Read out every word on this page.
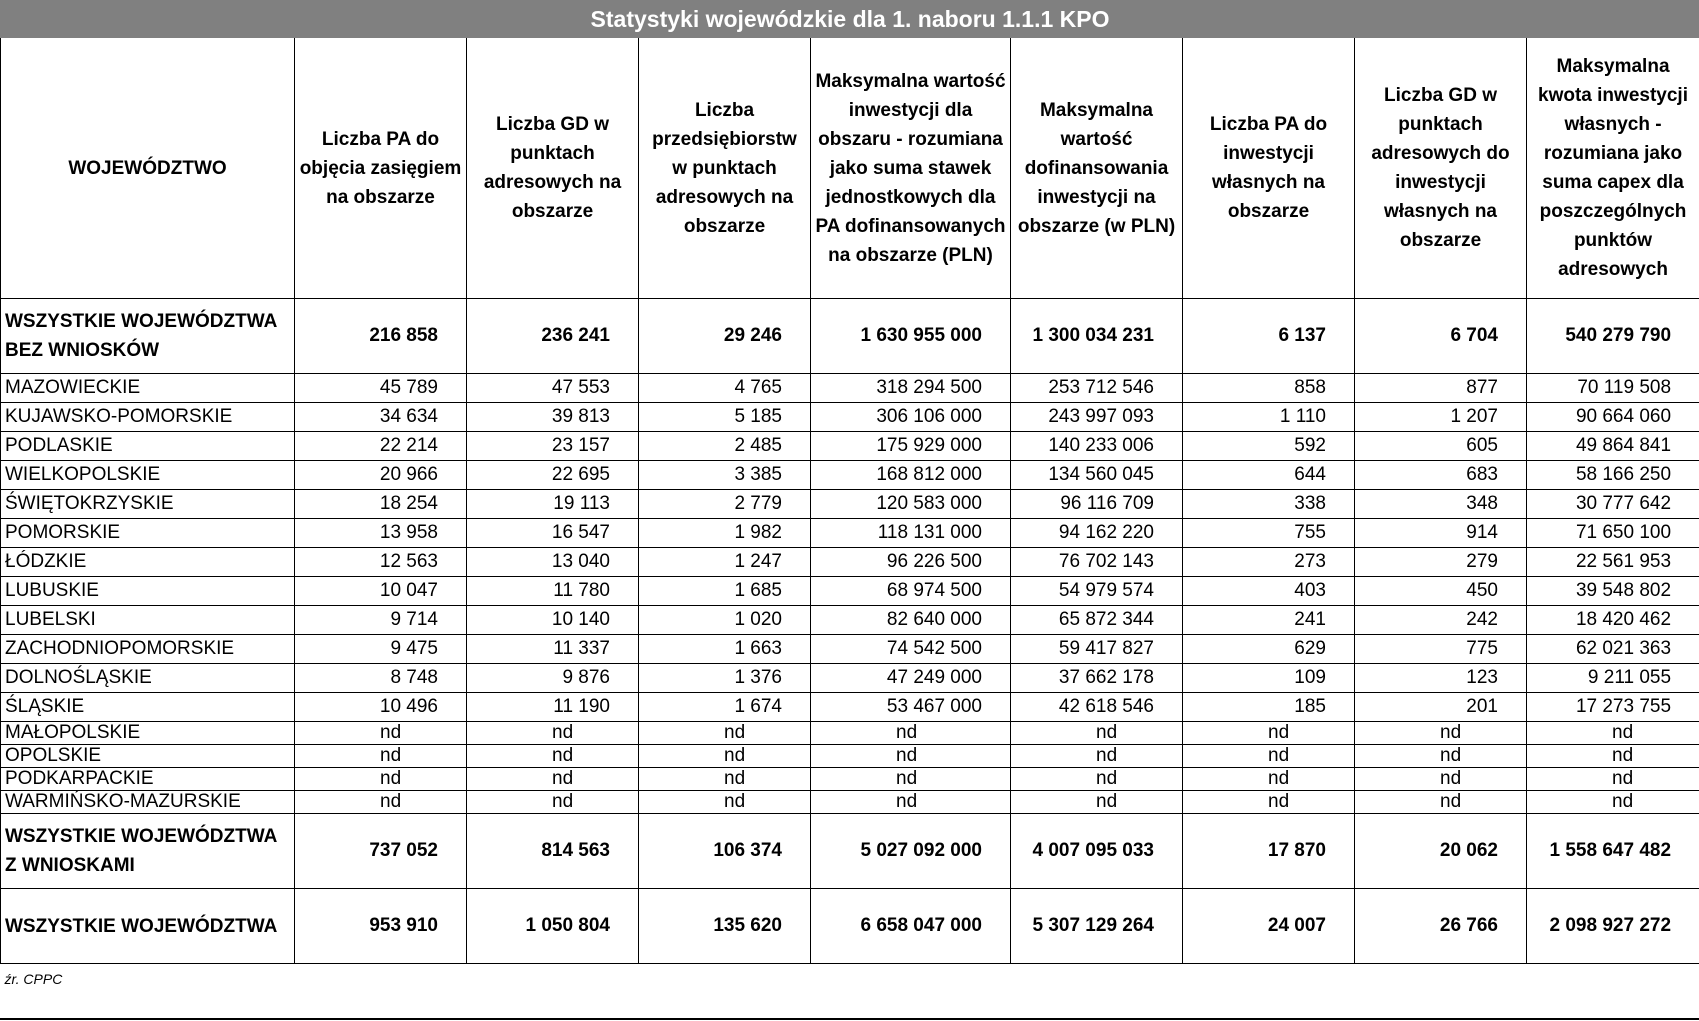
Statystyki wojewódzkie dla 1. naboru 1.1.1 KPO								
WOJEWÓDZTWO	Liczba PA do objęcia zasięgiem na obszarze	Liczba GD w punktach adresowych na obszarze	Liczba przedsiębiorstw w punktach adresowych na obszarze	Maksymalna wartość inwestycji dla obszaru - rozumiana jako suma stawek jednostkowych dla PA dofinansowanych na obszarze (PLN)	Maksymalna wartość dofinansowania inwestycji na obszarze (w PLN)	Liczba PA do inwestycji własnych na obszarze	Liczba GD w punktach adresowych do inwestycji własnych na obszarze	Maksymalna kwota inwestycji własnych - rozumiana jako suma capex dla poszczególnych punktów adresowych
WSZYSTKIE WOJEWÓDZTWA BEZ WNIOSKÓW	216 858	236 241	29 246	1 630 955 000	1 300 034 231	6 137	6 704	540 279 790
MAZOWIECKIE	45 789	47 553	4 765	318 294 500	253 712 546	858	877	70 119 508
KUJAWSKO-POMORSKIE	34 634	39 813	5 185	306 106 000	243 997 093	1 110	1 207	90 664 060
PODLASKIE	22 214	23 157	2 485	175 929 000	140 233 006	592	605	49 864 841
WIELKOPOLSKIE	20 966	22 695	3 385	168 812 000	134 560 045	644	683	58 166 250
ŚWIĘTOKRZYSKIE	18 254	19 113	2 779	120 583 000	96 116 709	338	348	30 777 642
POMORSKIE	13 958	16 547	1 982	118 131 000	94 162 220	755	914	71 650 100
ŁÓDZKIE	12 563	13 040	1 247	96 226 500	76 702 143	273	279	22 561 953
LUBUSKIE	10 047	11 780	1 685	68 974 500	54 979 574	403	450	39 548 802
LUBELSKI	9 714	10 140	1 020	82 640 000	65 872 344	241	242	18 420 462
ZACHODNIOPOMORSKIE	9 475	11 337	1 663	74 542 500	59 417 827	629	775	62 021 363
DOLNOŚLĄSKIE	8 748	9 876	1 376	47 249 000	37 662 178	109	123	9 211 055
ŚLĄSKIE	10 496	11 190	1 674	53 467 000	42 618 546	185	201	17 273 755
MAŁOPOLSKIE	nd	nd	nd	nd	nd	nd	nd	nd
OPOLSKIE	nd	nd	nd	nd	nd	nd	nd	nd
PODKARPACKIE	nd	nd	nd	nd	nd	nd	nd	nd
WARMIŃSKO-MAZURSKIE	nd	nd	nd	nd	nd	nd	nd	nd
WSZYSTKIE WOJEWÓDZTWA Z WNIOSKAMI	737 052	814 563	106 374	5 027 092 000	4 007 095 033	17 870	20 062	1 558 647 482
WSZYSTKIE WOJEWÓDZTWA	953 910	1 050 804	135 620	6 658 047 000	5 307 129 264	24 007	26 766	2 098 927 272
źr. CPPC								
